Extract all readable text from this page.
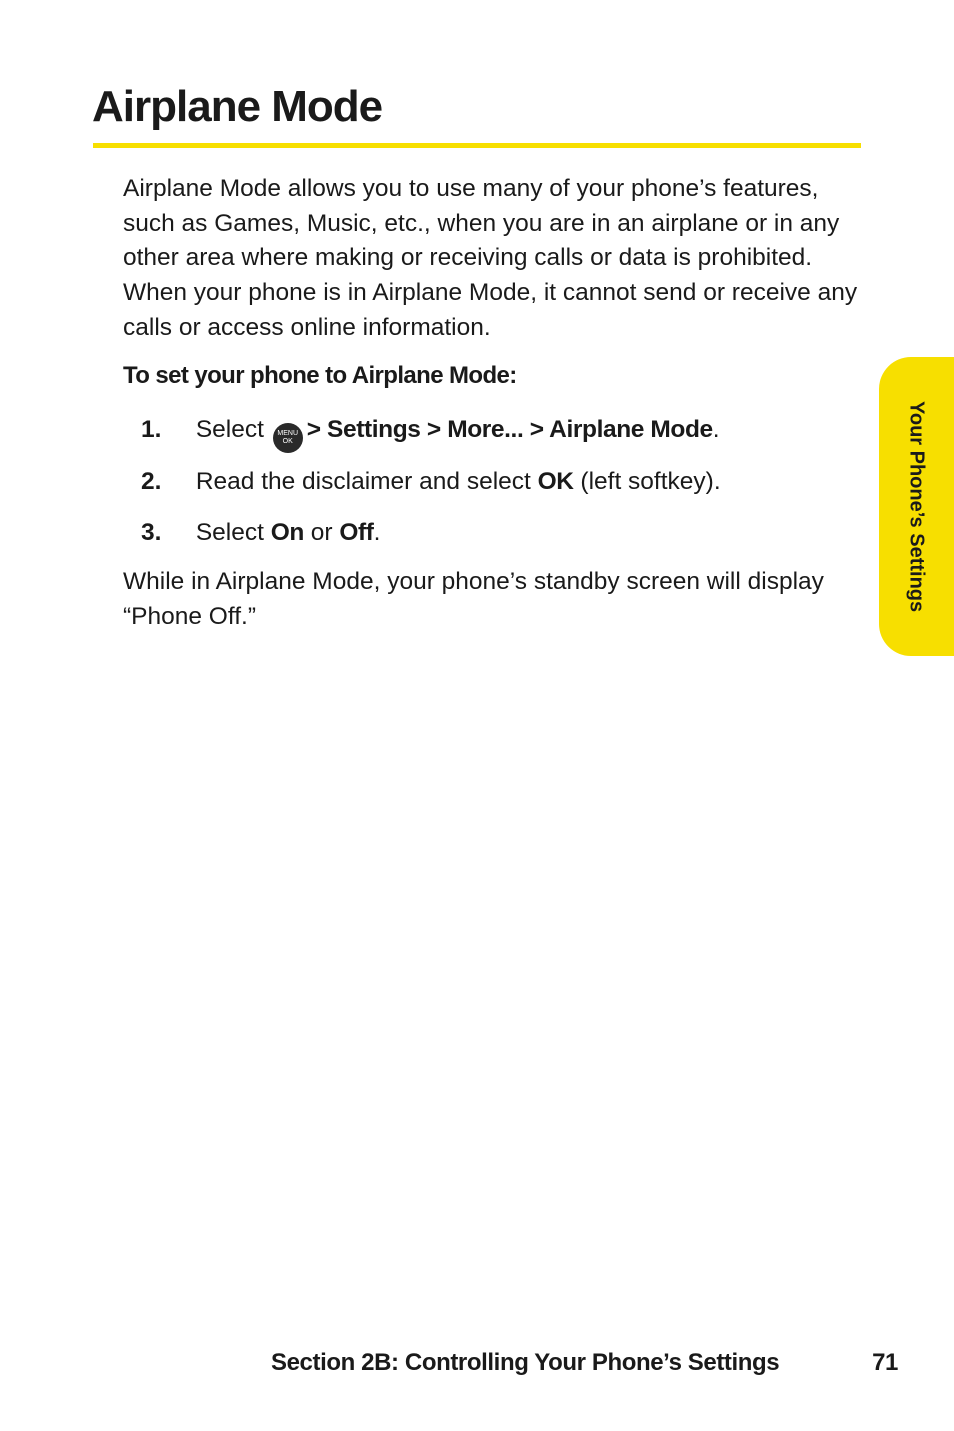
Airplane Mode
Airplane Mode allows you to use many of your phone’s features, such as Games, Music, etc., when you are in an airplane or in any other area where making or receiving calls or data is prohibited. When your phone is in Airplane Mode, it cannot send or receive any calls or access online information.
To set your phone to Airplane Mode:
1. Select MENU
OK > Settings > More... > Airplane Mode.
2. Read the disclaimer and select OK (left softkey).
3. Select On or Off.
While in Airplane Mode, your phone’s standby screen will display “Phone Off.”
Your Phone’s Settings
Section 2B: Controlling Your Phone’s Settings	71
